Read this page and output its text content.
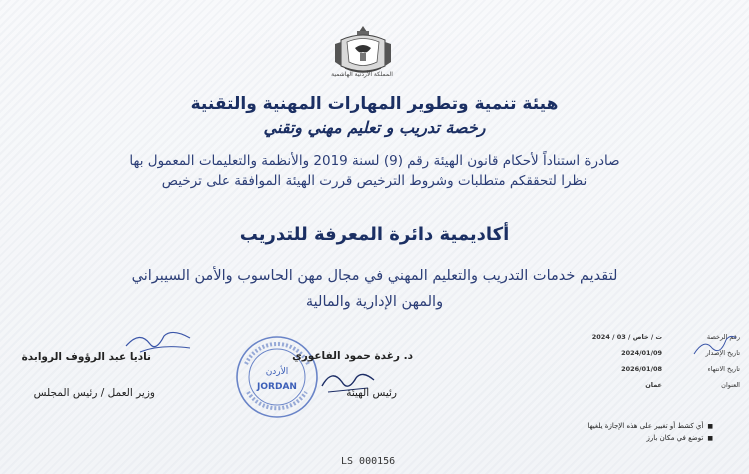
المملكة الأردنية الهاشمية
هيئة تنمية وتطوير المهارات المهنية والتقنية
رخصة تدريب و تعليم مهني وتقني
صادرة استناداً لأحكام قانون الهيئة رقم (9) لسنة 2019 والأنظمة والتعليمات المعمول بها
نظرا لتحققكم متطلبات وشروط الترخيص قررت الهيئة الموافقة على ترخيص
أكاديمية دائرة المعرفة للتدريب
لتقديم خدمات التدريب والتعليم المهني في مجال مهن الحاسوب والأمن السيبراني
والمهن الإدارية والمالية
رقم الرخصة
ت / خاص / 03 / 2024
تاريخ الإصدار
2024/01/09
تاريخ الانتهاء
2026/01/08
العنوان
عمان
الأردن
JORDAN
د. رغدة حمود الفاعوري
رئيس الهيئة
ناديا عبد الرؤوف الروابدة
وزير العمل / رئيس المجلس
■ أي كشط أو تغيير على هذه الإجازة يلغيها
■ توضع في مكان بارز
LS 000156
